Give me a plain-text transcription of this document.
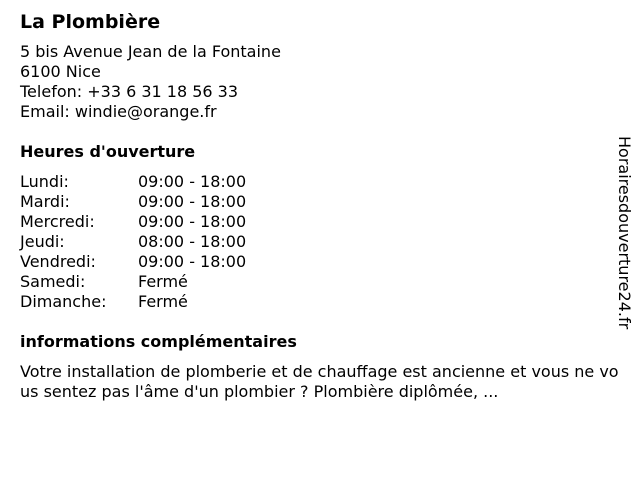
La Plombière
5 bis Avenue Jean de la Fontaine
6100 Nice
Telefon: +33 6 31 18 56 33
Email: windie@orange.fr
Heures d'ouverture
Lundi:	09:00 - 18:00
Mardi:	09:00 - 18:00
Mercredi:	09:00 - 18:00
Jeudi:	08:00 - 18:00
Vendredi:	09:00 - 18:00
Samedi:	Fermé
Dimanche:	Fermé
informations complémentaires
Votre installation de plomberie et de chauffage est ancienne et vous ne vous sentez pas l'âme d'un plombier ? Plombière diplômée, ...
Horairesdouverture24.fr
